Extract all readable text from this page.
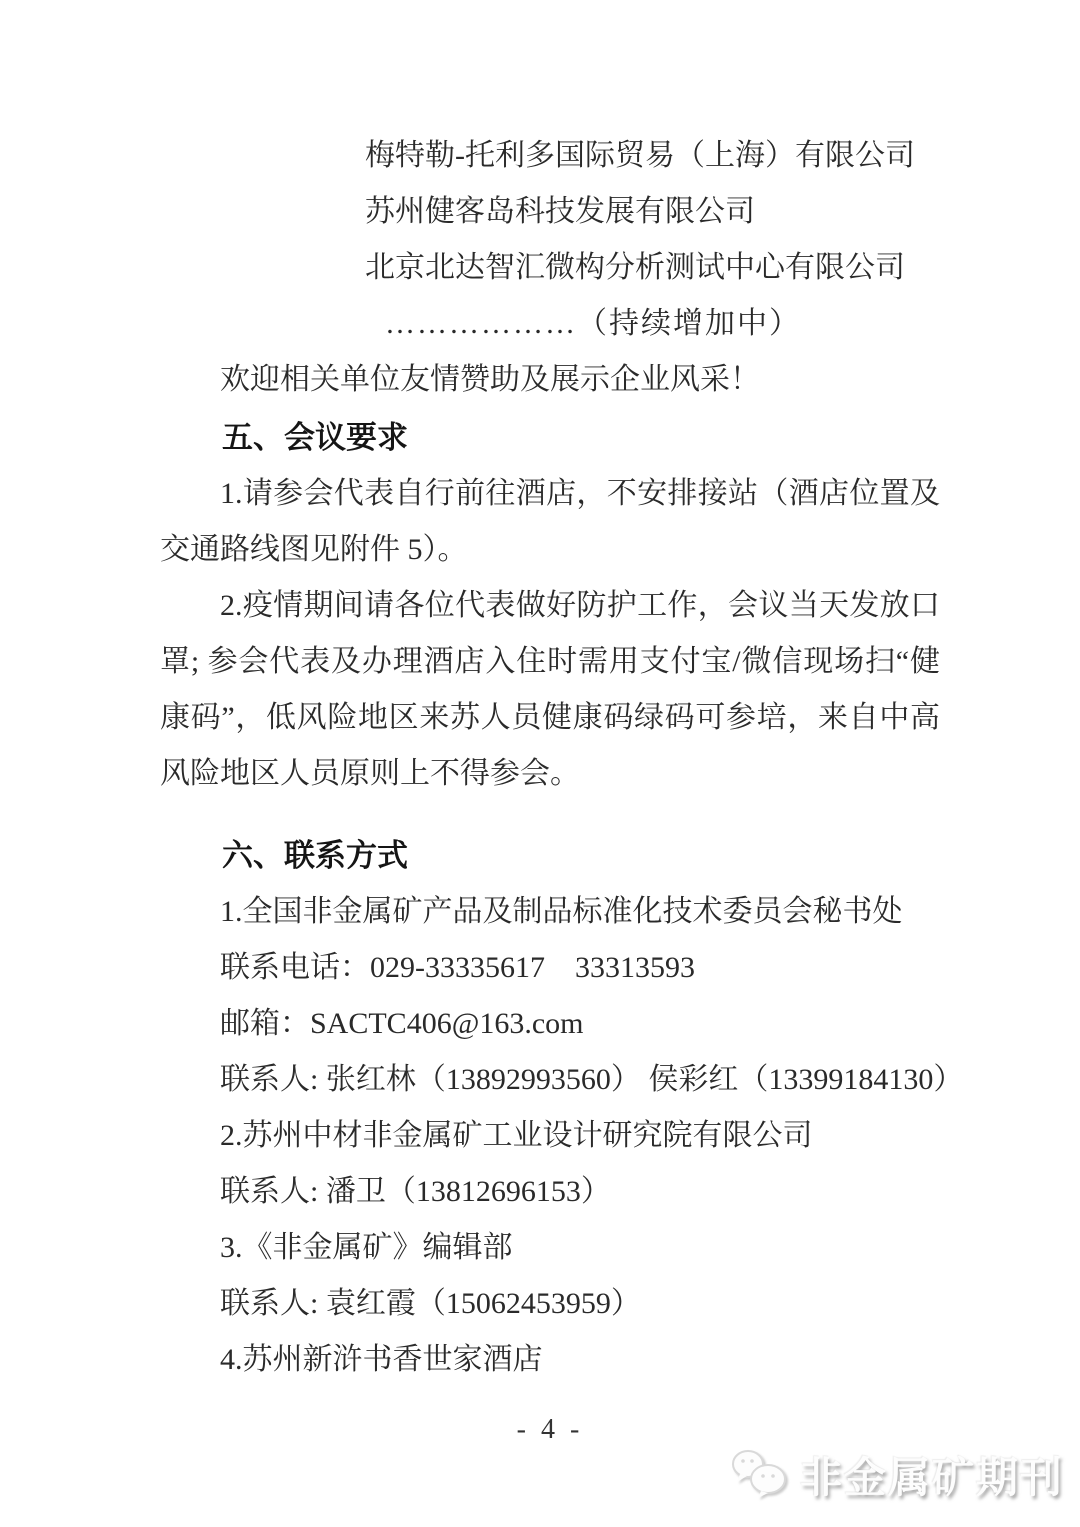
梅特勒-托利多国际贸易（上海）有限公司

苏州健客岛科技发展有限公司

北京北达智汇微构分析测试中心有限公司

………………（持续增加中）

欢迎相关单位友情赞助及展示企业风采！

五、会议要求

1.请参会代表自行前往酒店，不安排接站（酒店位置及交通路线图见附件 5）。

2.疫情期间请各位代表做好防护工作，会议当天发放口罩; 参会代表及办理酒店入住时需用支付宝/微信现场扫“健康码”，低风险地区来苏人员健康码绿码可参培，来自中高风险地区人员原则上不得参会。

六、联系方式

1.全国非金属矿产品及制品标准化技术委员会秘书处

联系电话：029-33335617　33313593

邮箱：SACTC406@163.com

联系人: 张红林（13892993560） 侯彩红（13399184130）

2.苏州中材非金属矿工业设计研究院有限公司

联系人: 潘卫（13812696153）

3.《非金属矿》编辑部

联系人: 袁红霞（15062453959）

4.苏州新浒书香世家酒店

- 4 -
非金属矿期刊
